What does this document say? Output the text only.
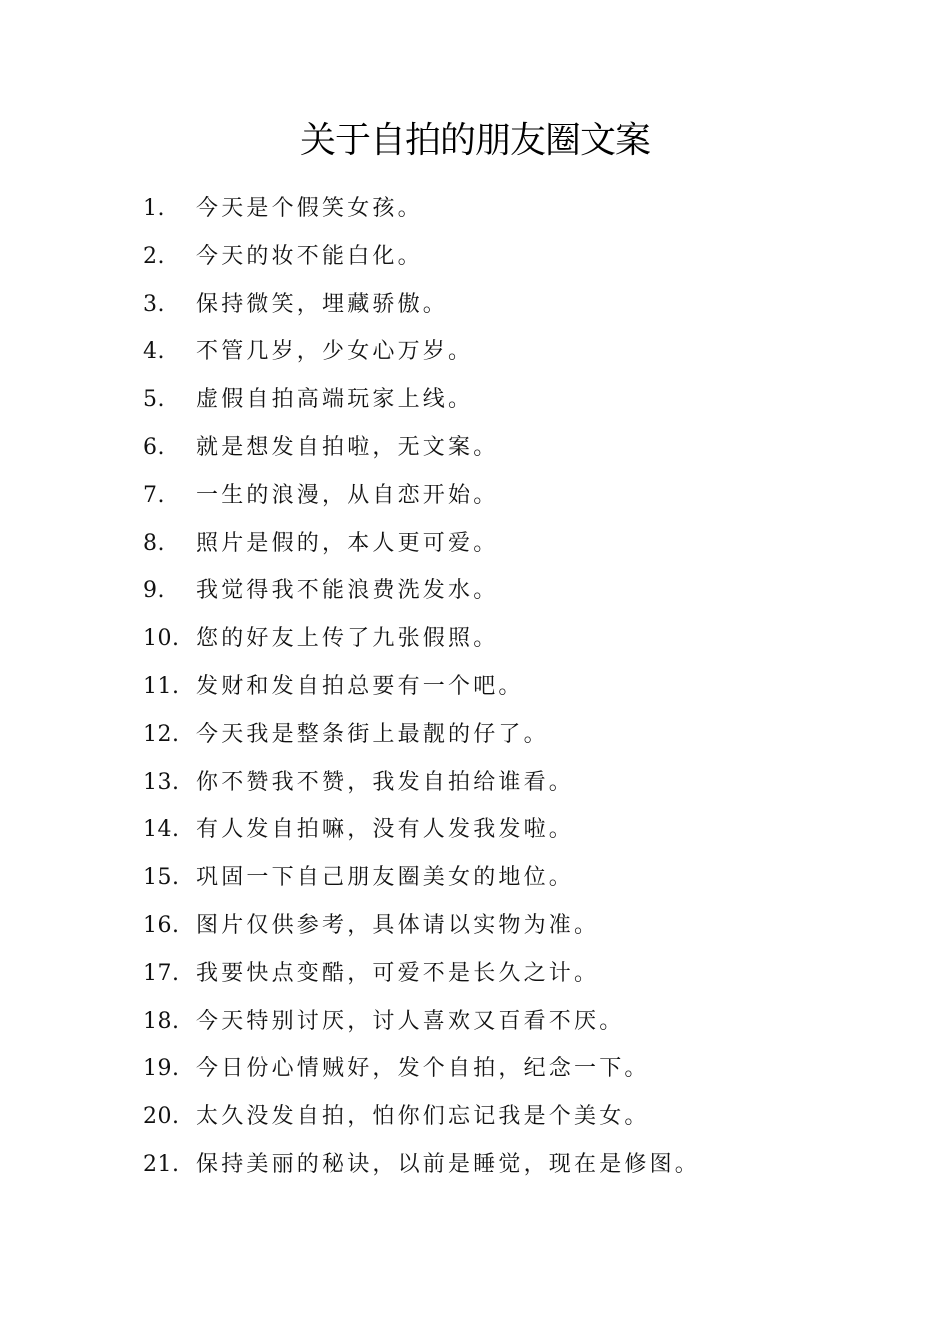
关于自拍的朋友圈文案
1. 今天是个假笑女孩。
2. 今天的妆不能白化。
3. 保持微笑，埋藏骄傲。
4. 不管几岁，少女心万岁。
5. 虚假自拍高端玩家上线。
6. 就是想发自拍啦，无文案。
7. 一生的浪漫，从自恋开始。
8. 照片是假的，本人更可爱。
9. 我觉得我不能浪费洗发水。
10. 您的好友上传了九张假照。
11. 发财和发自拍总要有一个吧。
12. 今天我是整条街上最靓的仔了。
13. 你不赞我不赞，我发自拍给谁看。
14. 有人发自拍嘛，没有人发我发啦。
15. 巩固一下自己朋友圈美女的地位。
16. 图片仅供参考，具体请以实物为准。
17. 我要快点变酷，可爱不是长久之计。
18. 今天特别讨厌，讨人喜欢又百看不厌。
19. 今日份心情贼好，发个自拍，纪念一下。
20. 太久没发自拍，怕你们忘记我是个美女。
21. 保持美丽的秘诀，以前是睡觉，现在是修图。
